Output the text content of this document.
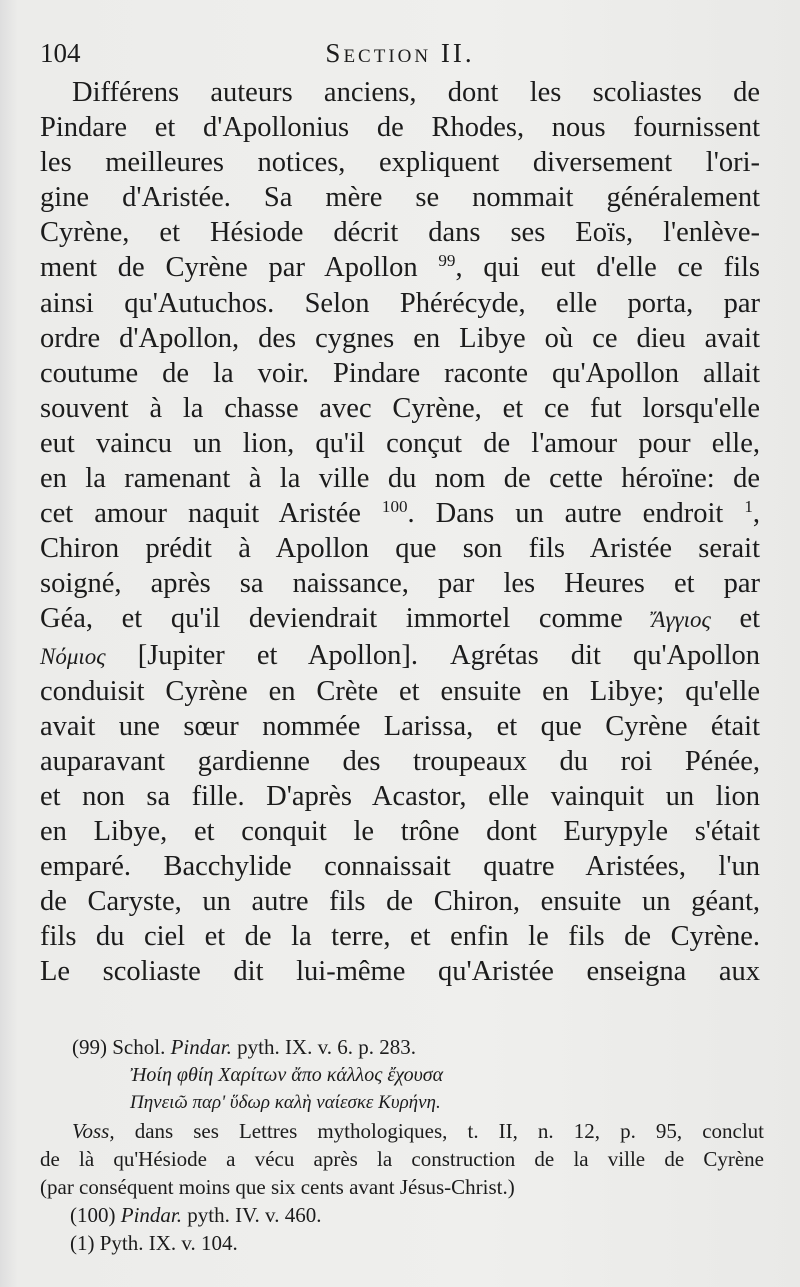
104	Section II.
Différens auteurs anciens, dont les scoliastes de
Pindare et d'Apollonius de Rhodes, nous fournissent
les meilleures notices, expliquent diversement l'ori-
gine d'Aristée. Sa mère se nommait généralement
Cyrène, et Hésiode décrit dans ses Eoïs, l'enlève-
ment de Cyrène par Apollon $^{99}$, qui eut d'elle ce fils
ainsi qu'Autuchos. Selon Phérécyde, elle porta, par
ordre d'Apollon, des cygnes en Libye où ce dieu avait
coutume de la voir. Pindare raconte qu'Apollon allait
souvent à la chasse avec Cyrène, et ce fut lorsqu'elle
eut vaincu un lion, qu'il conçut de l'amour pour elle,
en la ramenant à la ville du nom de cette héroïne: de
cet amour naquit Aristée $^{100}$. Dans un autre endroit $^1$,
Chiron prédit à Apollon que son fils Aristée serait
soigné, après sa naissance, par les Heures et par
Géa, et qu'il deviendrait immortel comme Ἄγγιος et
Νόμιος [Jupiter et Apollon]. Agrétas dit qu'Apollon
conduisit Cyrène en Crète et ensuite en Libye; qu'elle
avait une sœur nommée Larissa, et que Cyrène était
auparavant gardienne des troupeaux du roi Pénée,
et non sa fille. D'après Acastor, elle vainquit un lion
en Libye, et conquit le trône dont Eurypyle s'était
emparé. Bacchylide connaissait quatre Aristées, l'un
de Caryste, un autre fils de Chiron, ensuite un géant,
fils du ciel et de la terre, et enfin le fils de Cyrène.
Le scoliaste dit lui-même qu'Aristée enseigna aux
(99) Schol. Pindar. pyth. IX. v. 6. p. 283.
Ἠοίη φθίη Χαρίτων ἄπο κάλλος ἔχουσα
Πηνειῶ παρ' ὕδωρ καλὴ ναίεσκε Κυρήνη.
Voss, dans ses Lettres mythologiques, t. II, n. 12, p. 95, conclut
de là qu'Hésiode a vécu après la construction de la ville de Cyrène
(par conséquent moins que six cents avant Jésus-Christ.)
(100) Pindar. pyth. IV. v. 460.
(1) Pyth. IX. v. 104.
